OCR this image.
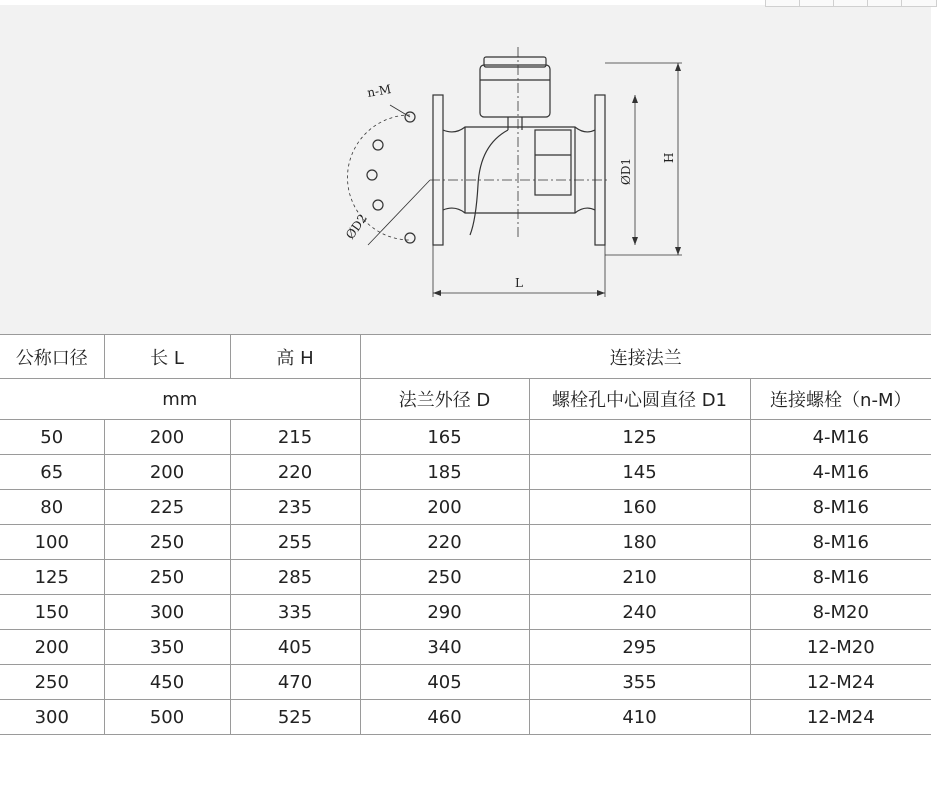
n-M
ØD2
ØD1
H
L
公称口径	长 L	高 H	连接法兰		
mm			法兰外径 D	螺栓孔中心圆直径 D1	连接螺栓（n-M）
50	200	215	165	125	4-M16
65	200	220	185	145	4-M16
80	225	235	200	160	8-M16
100	250	255	220	180	8-M16
125	250	285	250	210	8-M16
150	300	335	290	240	8-M20
200	350	405	340	295	12-M20
250	450	470	405	355	12-M24
300	500	525	460	410	12-M24
